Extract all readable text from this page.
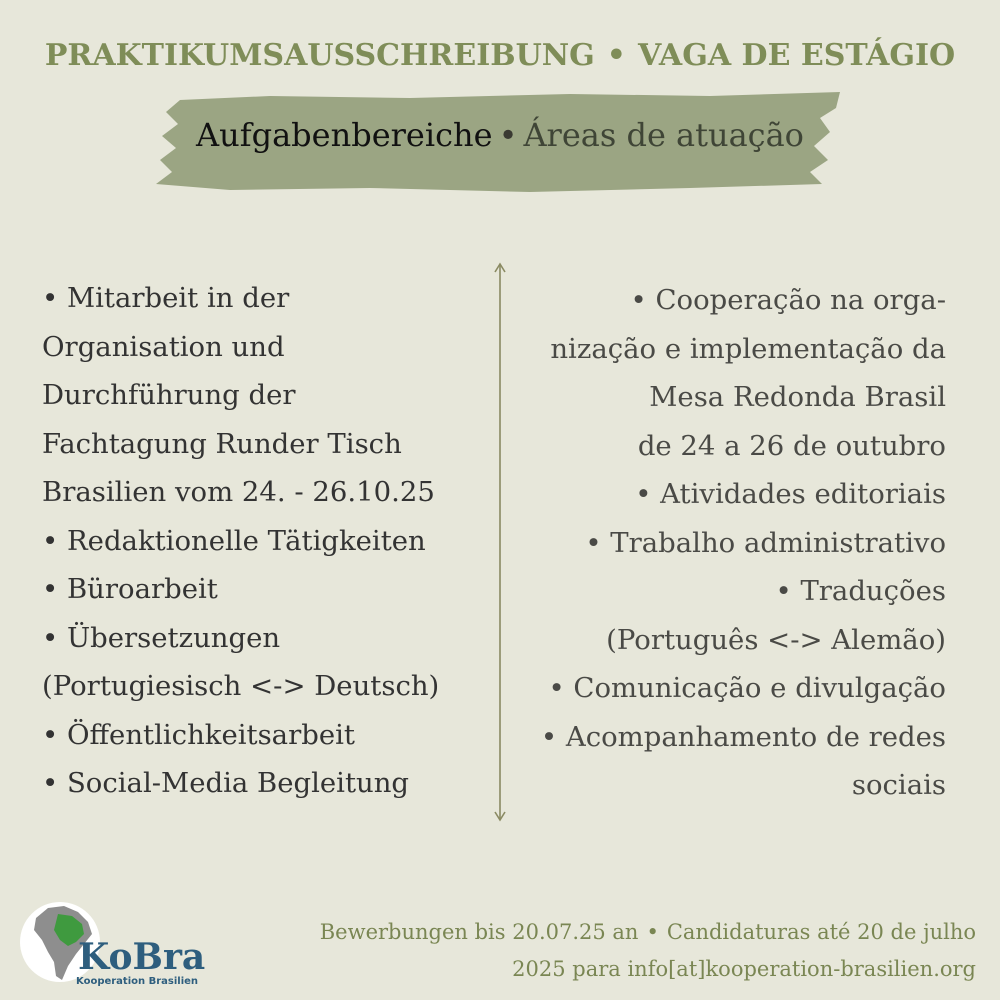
PRAKTIKUMSAUSSCHREIBUNG • VAGA DE ESTÁGIO
Aufgabenbereiche • Áreas de atuação
• Mitarbeit in der
Organisation und
Durchführung der
Fachtagung Runder Tisch
Brasilien vom 24. - 26.10.25
• Redaktionelle Tätigkeiten
• Büroarbeit
• Übersetzungen
(Portugiesisch <-> Deutsch)
• Öffentlichkeitsarbeit
• Social-Media Begleitung
• Cooperação na orga-
nização e implementação da
Mesa Redonda Brasil
de 24 a 26 de outubro
• Atividades editoriais
• Trabalho administrativo
• Traduções
(Português <-> Alemão)
• Comunicação e divulgação
• Acompanhamento de redes
sociais
KoBra
Kooperation Brasilien
Bewerbungen bis 20.07.25 an • Candidaturas até 20 de julho
2025 para info[at]kooperation-brasilien.org
